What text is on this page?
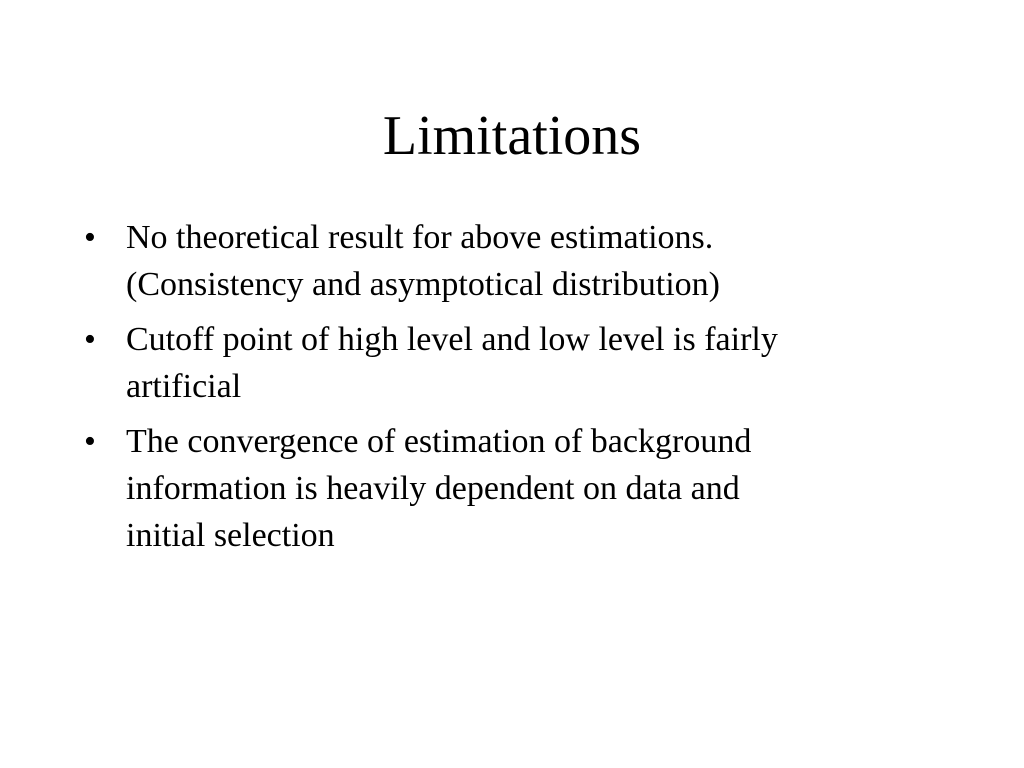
Limitations
• No theoretical result for above estimations.
(Consistency and asymptotical distribution)
• Cutoff point of high level and low level is fairly
artificial
• The convergence of estimation of background
information is heavily dependent on data and
initial selection
